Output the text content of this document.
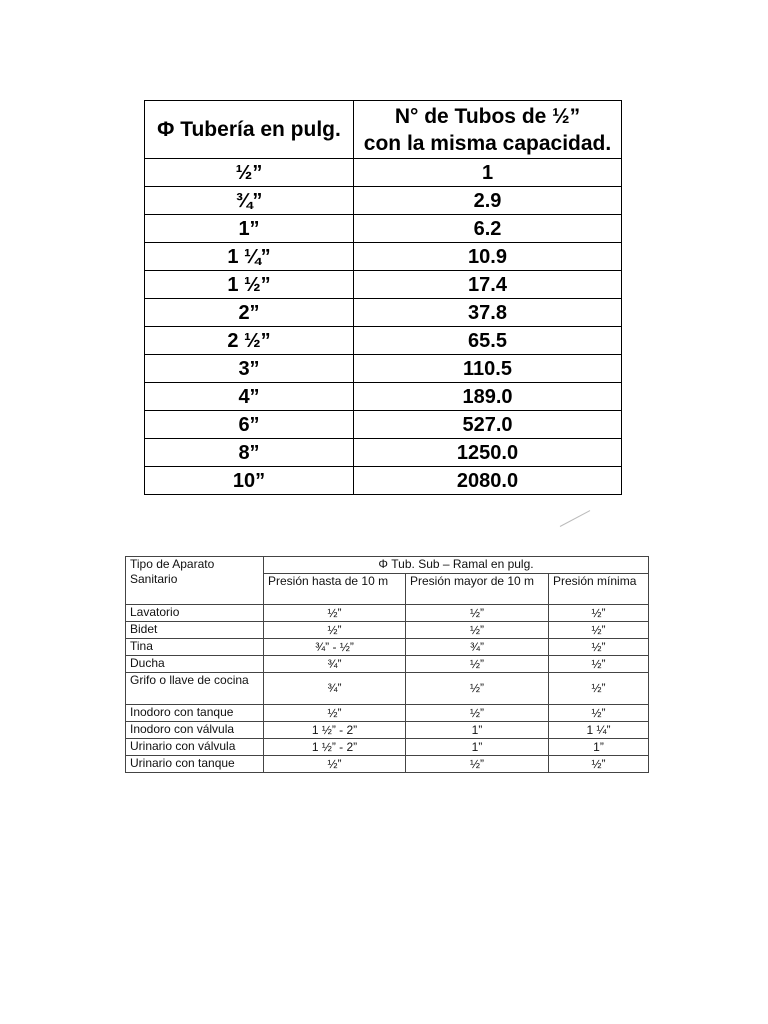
Φ Tubería en pulg.	N° de Tubos de ½”
con la misma capacidad.

½”	1
¾”	2.9
1”	6.2
1 ¼”	10.9
1 ½”	17.4
2”	37.8
2 ½”	65.5
3”	110.5
4”	189.0
6”	527.0
8”	1250.0
10”	2080.0
Tipo de Aparato
Sanitario	Φ Tub. Sub – Ramal en pulg.		
	Presión hasta de 10 m	Presión mayor de 10 m	Presión mínima
Lavatorio	½”	½”	½”
Bidet	½”	½”	½”
Tina	¾” - ½”	¾”	½”
Ducha	¾”	½”	½”
Grifo o llave de cocina	¾”	½”	½”
Inodoro con tanque	½”	½”	½”
Inodoro con válvula	1 ½” - 2”	1”	1 ¼”
Urinario con válvula	1 ½” - 2”	1”	1”
Urinario con tanque	½”	½”	½”
